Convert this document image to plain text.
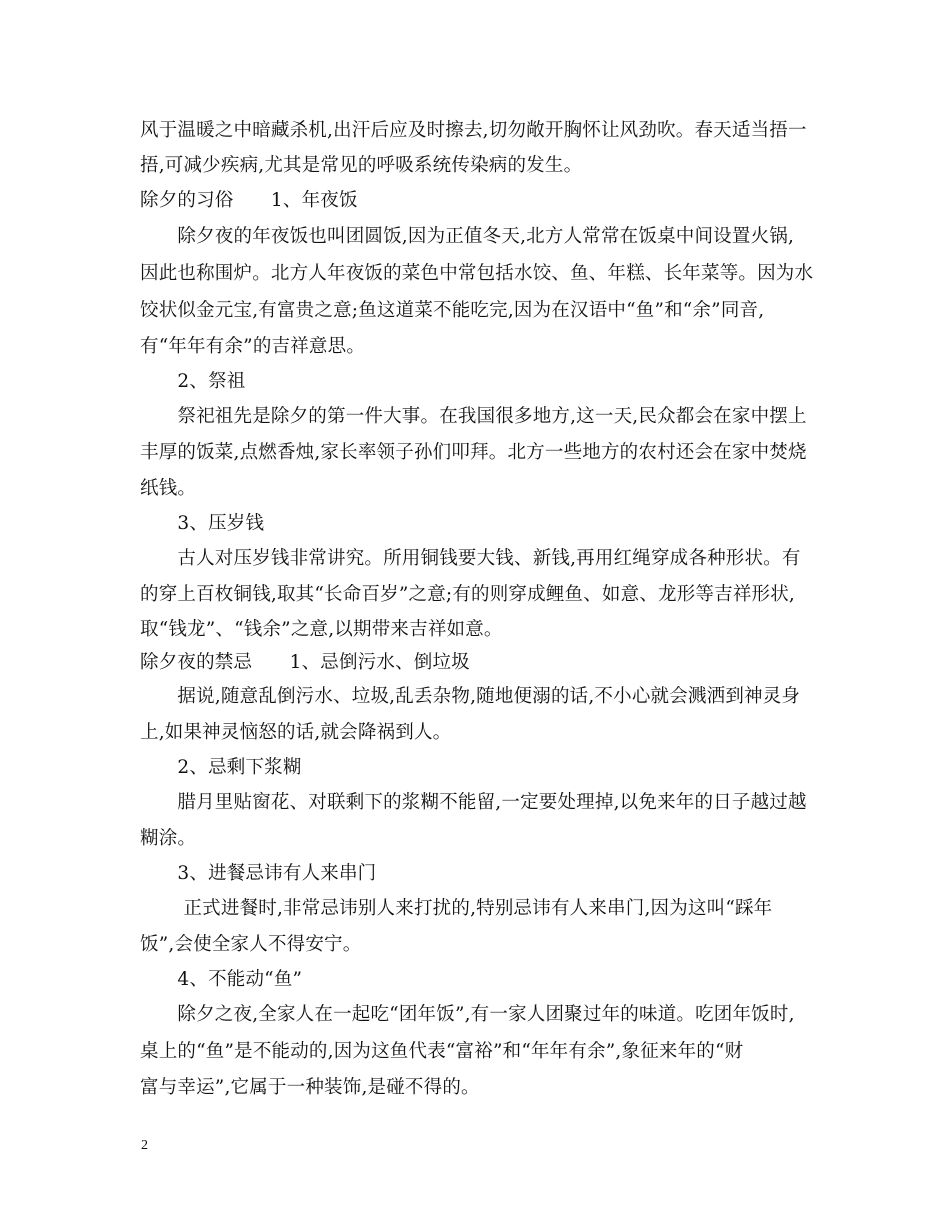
风于温暖之中暗藏杀机,出汗后应及时擦去,切勿敞开胸怀让风劲吹。春天适当捂一
捂,可减少疾病,尤其是常见的呼吸系统传染病的发生。
除夕的习俗　　1、年夜饭
　　除夕夜的年夜饭也叫团圆饭,因为正值冬天,北方人常常在饭桌中间设置火锅,
因此也称围炉。北方人年夜饭的菜色中常包括水饺、鱼、年糕、长年菜等。因为水
饺状似金元宝,有富贵之意;鱼这道菜不能吃完,因为在汉语中“鱼”和“余”同音,
有“年年有余”的吉祥意思。
　　2、祭祖
　　祭祀祖先是除夕的第一件大事。在我国很多地方,这一天,民众都会在家中摆上
丰厚的饭菜,点燃香烛,家长率领子孙们叩拜。北方一些地方的农村还会在家中焚烧
纸钱。
　　3、压岁钱
　　古人对压岁钱非常讲究。所用铜钱要大钱、新钱,再用红绳穿成各种形状。有
的穿上百枚铜钱,取其“长命百岁”之意;有的则穿成鲤鱼、如意、龙形等吉祥形状,
取“钱龙”、“钱余”之意,以期带来吉祥如意。
除夕夜的禁忌　　1、忌倒污水、倒垃圾
　　据说,随意乱倒污水、垃圾,乱丢杂物,随地便溺的话,不小心就会溅洒到神灵身
上,如果神灵恼怒的话,就会降祸到人。
　　2、忌剩下浆糊
　　腊月里贴窗花、对联剩下的浆糊不能留,一定要处理掉,以免来年的日子越过越
糊涂。
　　3、进餐忌讳有人来串门
　　 正式进餐时,非常忌讳别人来打扰的,特别忌讳有人来串门,因为这叫“踩年
饭”,会使全家人不得安宁。
　　4、不能动“鱼”
　　除夕之夜,全家人在一起吃“团年饭”,有一家人团聚过年的味道。吃团年饭时,
桌上的“鱼”是不能动的,因为这鱼代表“富裕”和“年年有余”,象征来年的“财
富与幸运”,它属于一种装饰,是碰不得的。
2
